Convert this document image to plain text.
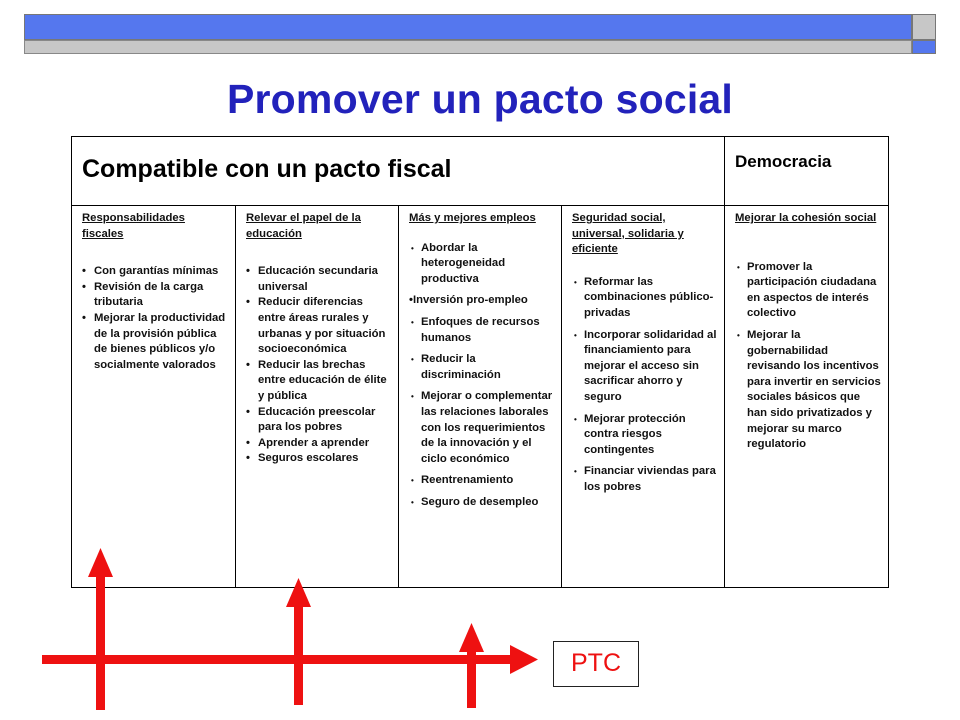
Promover un pacto social
Compatible con un pacto fiscal	Democracia
Responsabilidades fiscales
• Con garantías mínimas
• Revisión de la carga tributaria
• Mejorar la productividad de la provisión pública de bienes públicos y/o socialmente valorados
Relevar el papel de la educación
• Educación secundaria universal
• Reducir diferencias entre áreas rurales y urbanas y por situación socioeconómica
• Reducir las brechas entre educación de élite y pública
• Educación preescolar para los pobres
• Aprender a aprender
• Seguros escolares
Más y mejores empleos
• Abordar la heterogeneidad productiva
•Inversión pro-empleo
• Enfoques de recursos humanos
• Reducir la discriminación
• Mejorar o complementar las relaciones laborales con los requerimientos de la innovación y el ciclo económico
• Reentrenamiento
• Seguro de desempleo
Seguridad social, universal, solidaria y eficiente
• Reformar las combinaciones público-privadas
• Incorporar solidaridad al financiamiento para mejorar el acceso sin sacrificar ahorro y seguro
• Mejorar protección contra riesgos contingentes
• Financiar viviendas para los pobres
Mejorar la cohesión social
• Promover la participación ciudadana en aspectos de interés colectivo
• Mejorar la gobernabilidad revisando los incentivos para invertir en servicios sociales básicos que han sido privatizados y mejorar su marco regulatorio
PTC
